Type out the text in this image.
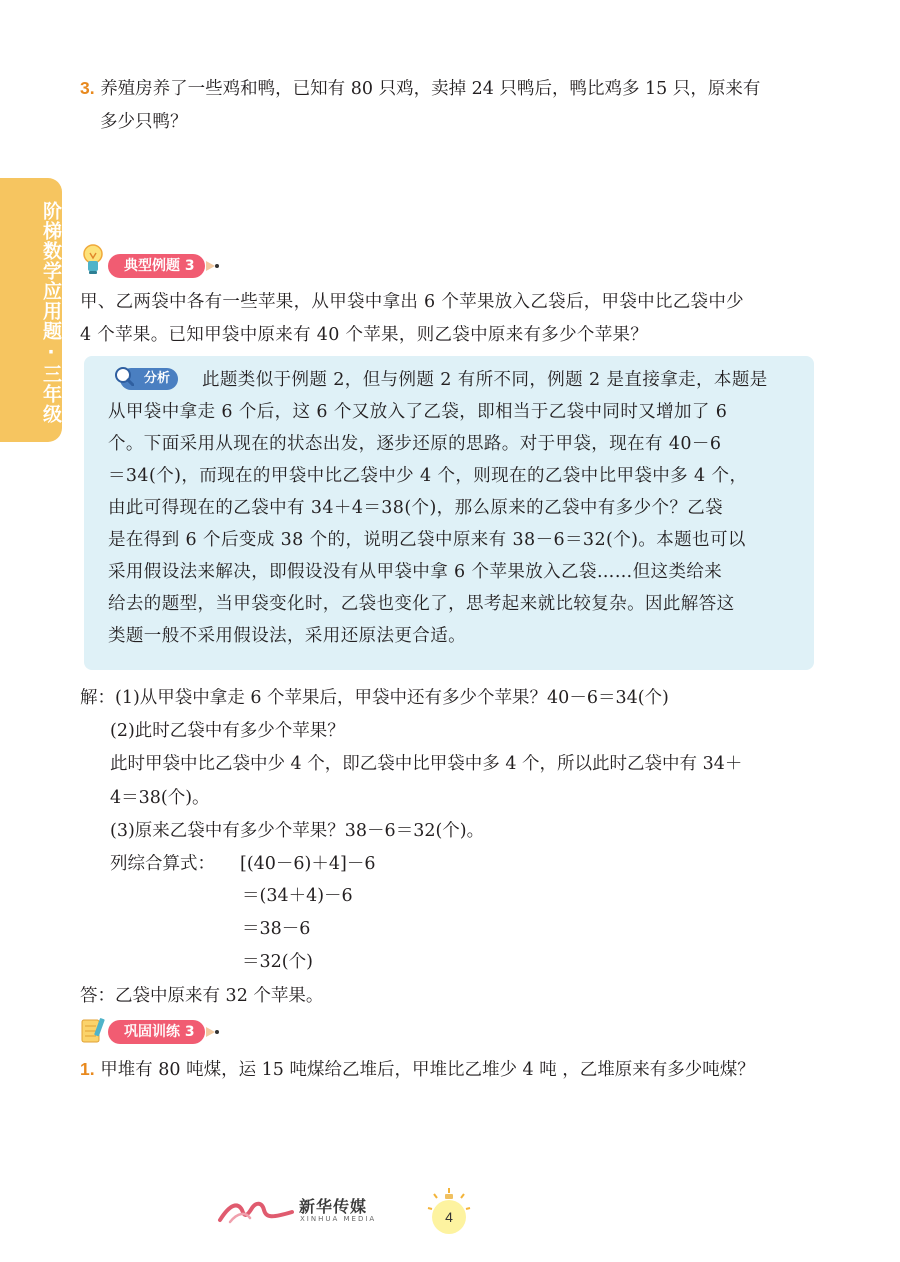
3. 养殖房养了一些鸡和鸭，已知有 80 只鸡，卖掉 24 只鸭后，鸭比鸡多 15 只，原来有
多少只鸭？
阶梯数学应用题·三年级	典型例题 3
甲、乙两袋中各有一些苹果，从甲袋中拿出 6 个苹果放入乙袋后，甲袋中比乙袋中少
4 个苹果。已知甲袋中原来有 40 个苹果，则乙袋中原来有多少个苹果？
分析	此题类似于例题 2，但与例题 2 有所不同，例题 2 是直接拿走，本题是
从甲袋中拿走 6 个后，这 6 个又放入了乙袋，即相当于乙袋中同时又增加了 6
个。下面采用从现在的状态出发，逐步还原的思路。对于甲袋，现在有 40－6
＝34(个)，而现在的甲袋中比乙袋中少 4 个，则现在的乙袋中比甲袋中多 4 个，
由此可得现在的乙袋中有 34＋4＝38(个)，那么原来的乙袋中有多少个？乙袋
是在得到 6 个后变成 38 个的，说明乙袋中原来有 38－6＝32(个)。本题也可以
采用假设法来解决，即假设没有从甲袋中拿 6 个苹果放入乙袋……但这类给来
给去的题型，当甲袋变化时，乙袋也变化了，思考起来就比较复杂。因此解答这
类题一般不采用假设法，采用还原法更合适。
解：(1)从甲袋中拿走 6 个苹果后，甲袋中还有多少个苹果？40－6＝34(个)
(2)此时乙袋中有多少个苹果？
此时甲袋中比乙袋中少 4 个，即乙袋中比甲袋中多 4 个，所以此时乙袋中有 34＋
4＝38(个)。
(3)原来乙袋中有多少个苹果？38－6＝32(个)。
列综合算式： [(40－6)＋4]－6
＝(34＋4)－6
＝38－6
＝32(个)
答：乙袋中原来有 32 个苹果。
巩固训练 3
1. 甲堆有 80 吨煤，运 15 吨煤给乙堆后，甲堆比乙堆少 4 吨 ，乙堆原来有多少吨煤？
新华传媒
XINHUA MEDIA	4
